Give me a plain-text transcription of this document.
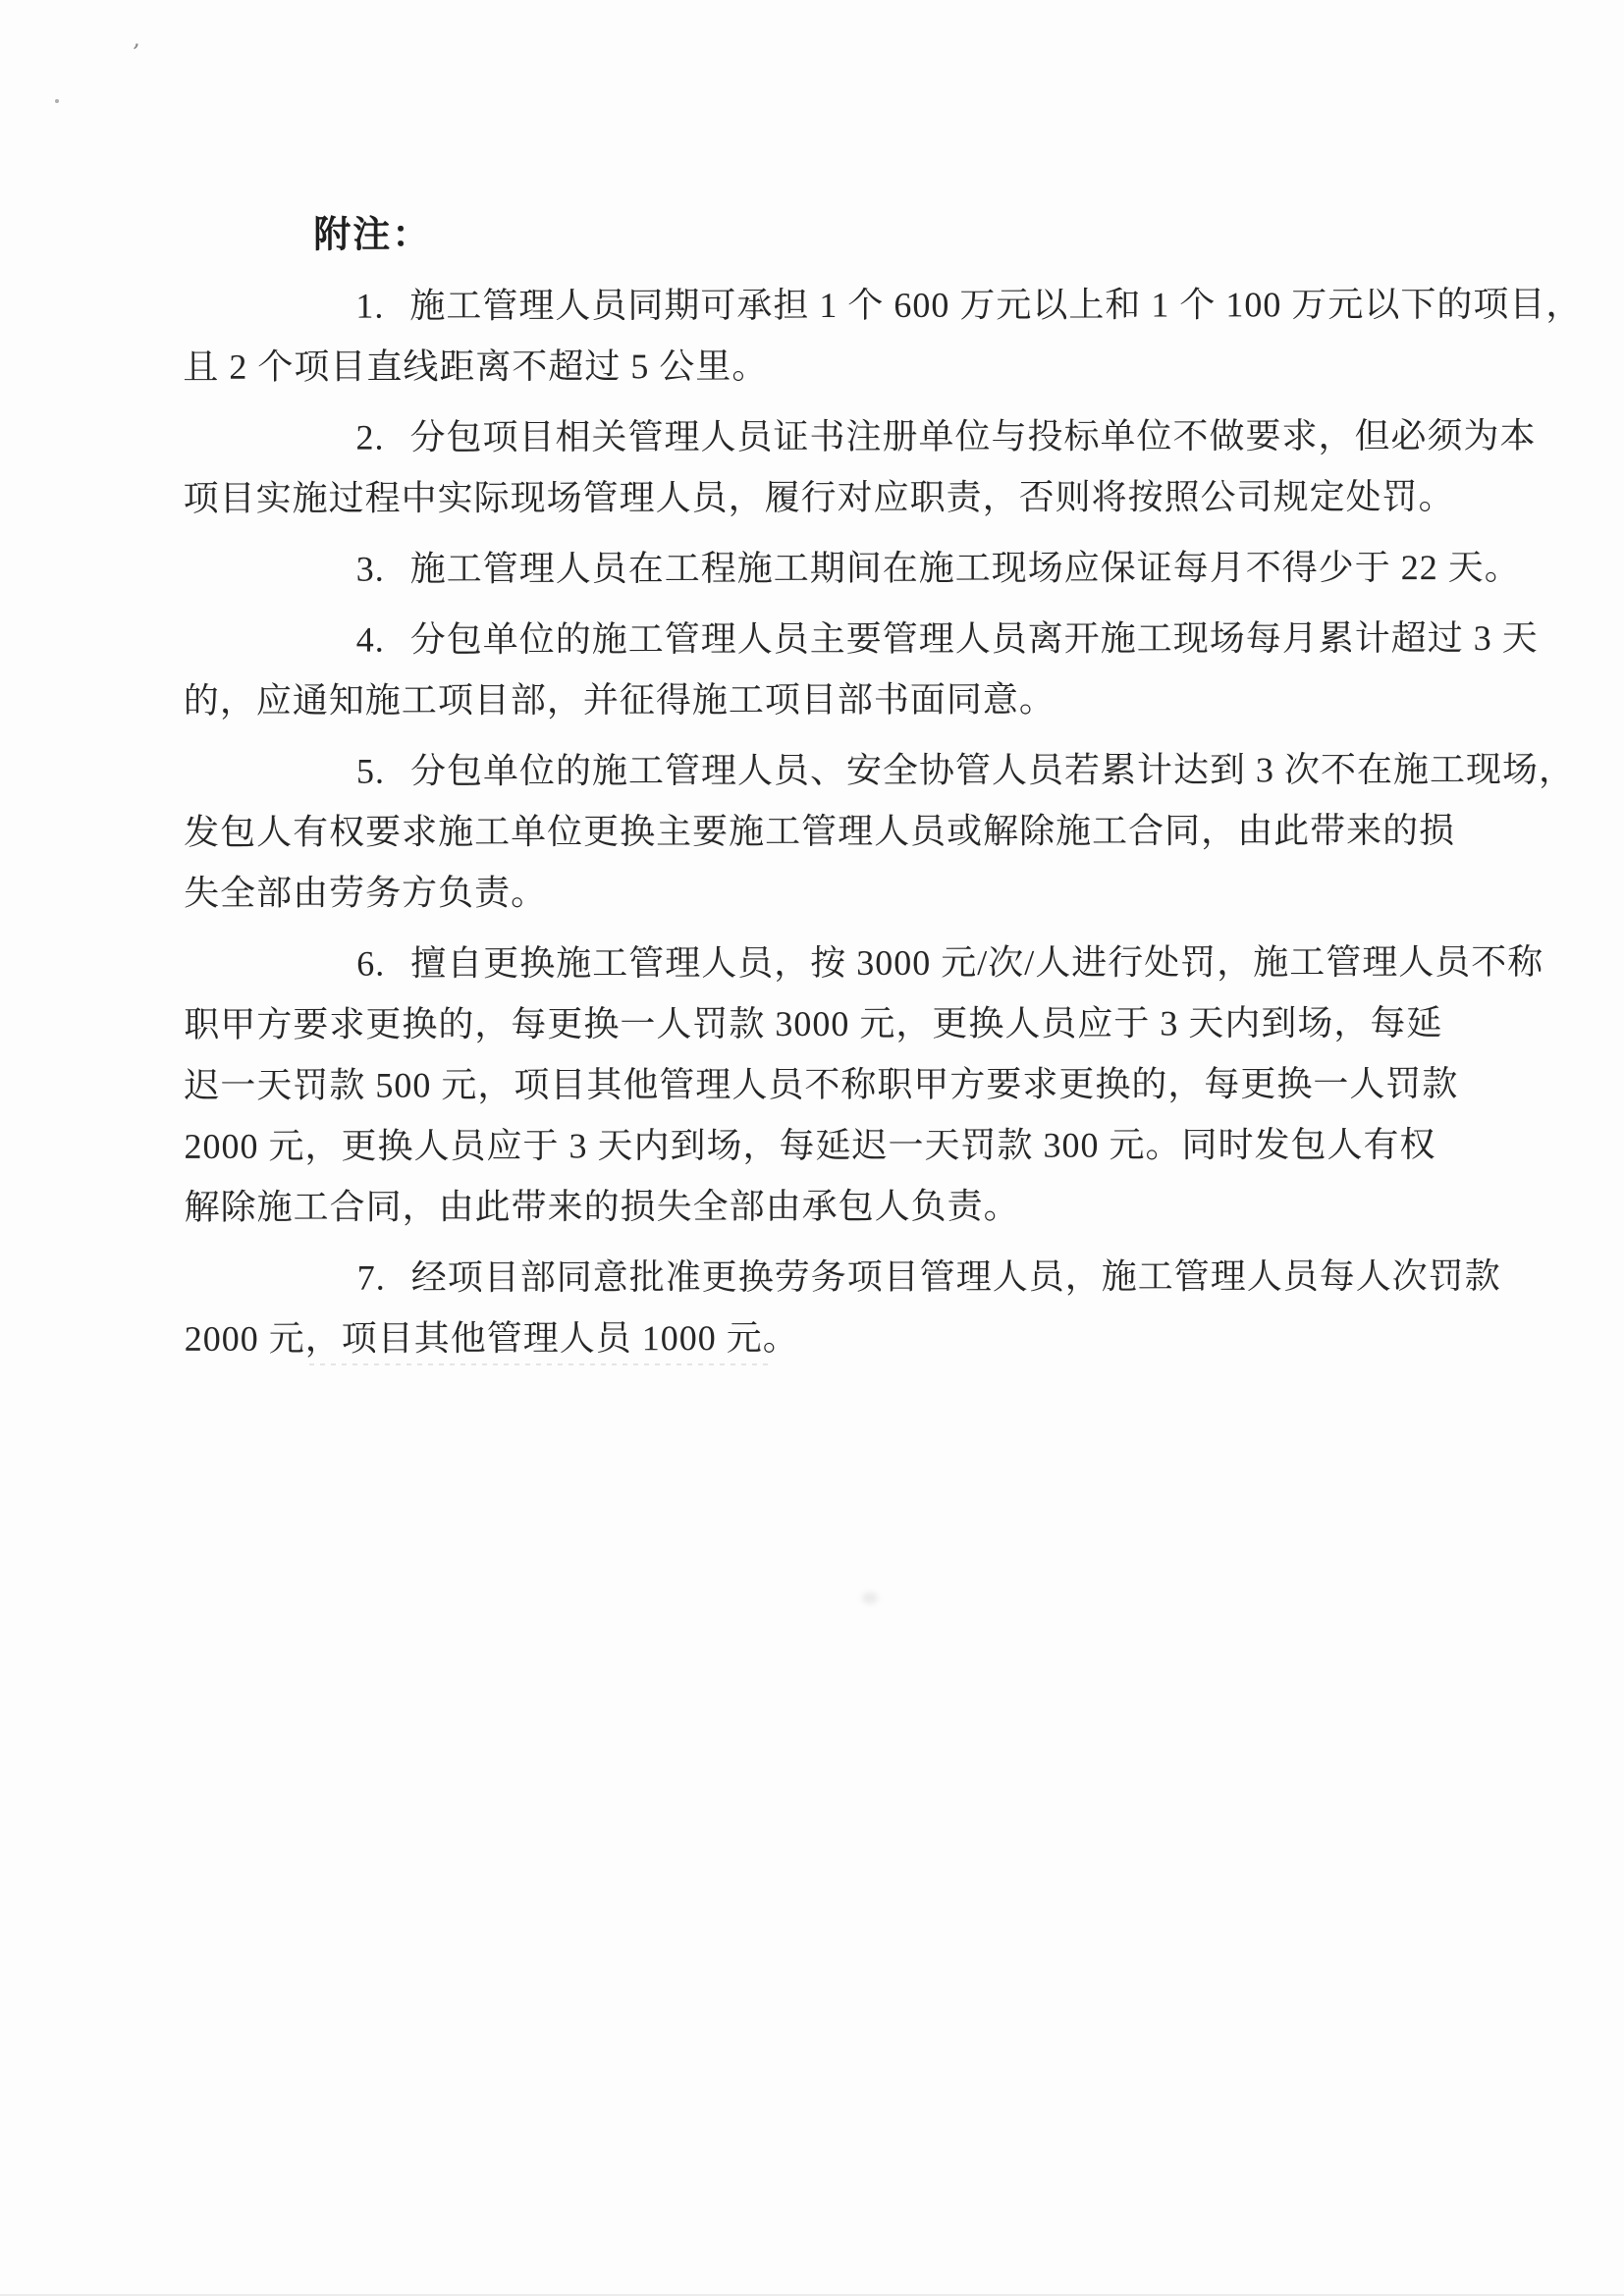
ʼ
附注：

1. 施工管理人员同期可承担 1 个 600 万元以上和 1 个 100 万元以下的项目，
且 2 个项目直线距离不超过 5 公里。

2. 分包项目相关管理人员证书注册单位与投标单位不做要求，但必须为本
项目实施过程中实际现场管理人员，履行对应职责，否则将按照公司规定处罚。

3. 施工管理人员在工程施工期间在施工现场应保证每月不得少于 22 天。

4. 分包单位的施工管理人员主要管理人员离开施工现场每月累计超过 3 天
的，应通知施工项目部，并征得施工项目部书面同意。

5. 分包单位的施工管理人员、安全协管人员若累计达到 3 次不在施工现场，
发包人有权要求施工单位更换主要施工管理人员或解除施工合同，由此带来的损
失全部由劳务方负责。

6. 擅自更换施工管理人员，按 3000 元/次/人进行处罚，施工管理人员不称
职甲方要求更换的，每更换一人罚款 3000 元，更换人员应于 3 天内到场，每延
迟一天罚款 500 元，项目其他管理人员不称职甲方要求更换的，每更换一人罚款
2000 元，更换人员应于 3 天内到场，每延迟一天罚款 300 元。同时发包人有权
解除施工合同，由此带来的损失全部由承包人负责。

7. 经项目部同意批准更换劳务项目管理人员，施工管理人员每人次罚款
2000 元，项目其他管理人员 1000 元。
